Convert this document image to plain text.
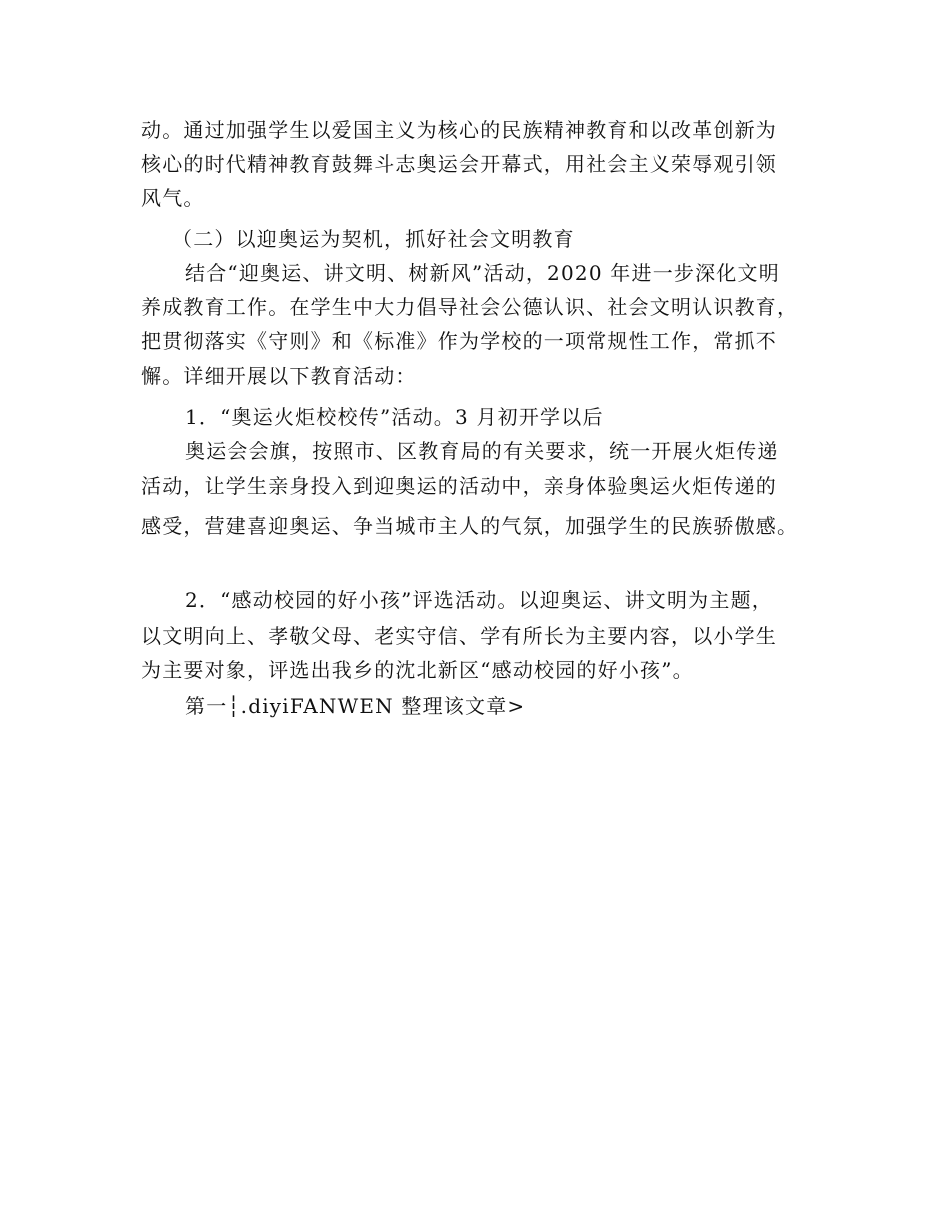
动。通过加强学生以爱国主义为核心的民族精神教育和以改革创新为
核心的时代精神教育鼓舞斗志奥运会开幕式，用社会主义荣辱观引领
风气。
（二）以迎奥运为契机，抓好社会文明教育
结合“迎奥运、讲文明、树新风”活动，2020 年进一步深化文明
养成教育工作。在学生中大力倡导社会公德认识、社会文明认识教育，
把贯彻落实《守则》和《标准》作为学校的一项常规性工作，常抓不
懈。详细开展以下教育活动：
1．“奥运火炬校校传”活动。3 月初开学以后
奥运会会旗，按照市、区教育局的有关要求，统一开展火炬传递
活动，让学生亲身投入到迎奥运的活动中，亲身体验奥运火炬传递的
感受，营建喜迎奥运、争当城市主人的气氛，加强学生的民族骄傲感。
2．“感动校园的好小孩”评选活动。以迎奥运、讲文明为主题，
以文明向上、孝敬父母、老实守信、学有所长为主要内容，以小学生
为主要对象，评选出我乡的沈北新区“感动校园的好小孩”。
第一┆.diyiFANWEN 整理该文章>
